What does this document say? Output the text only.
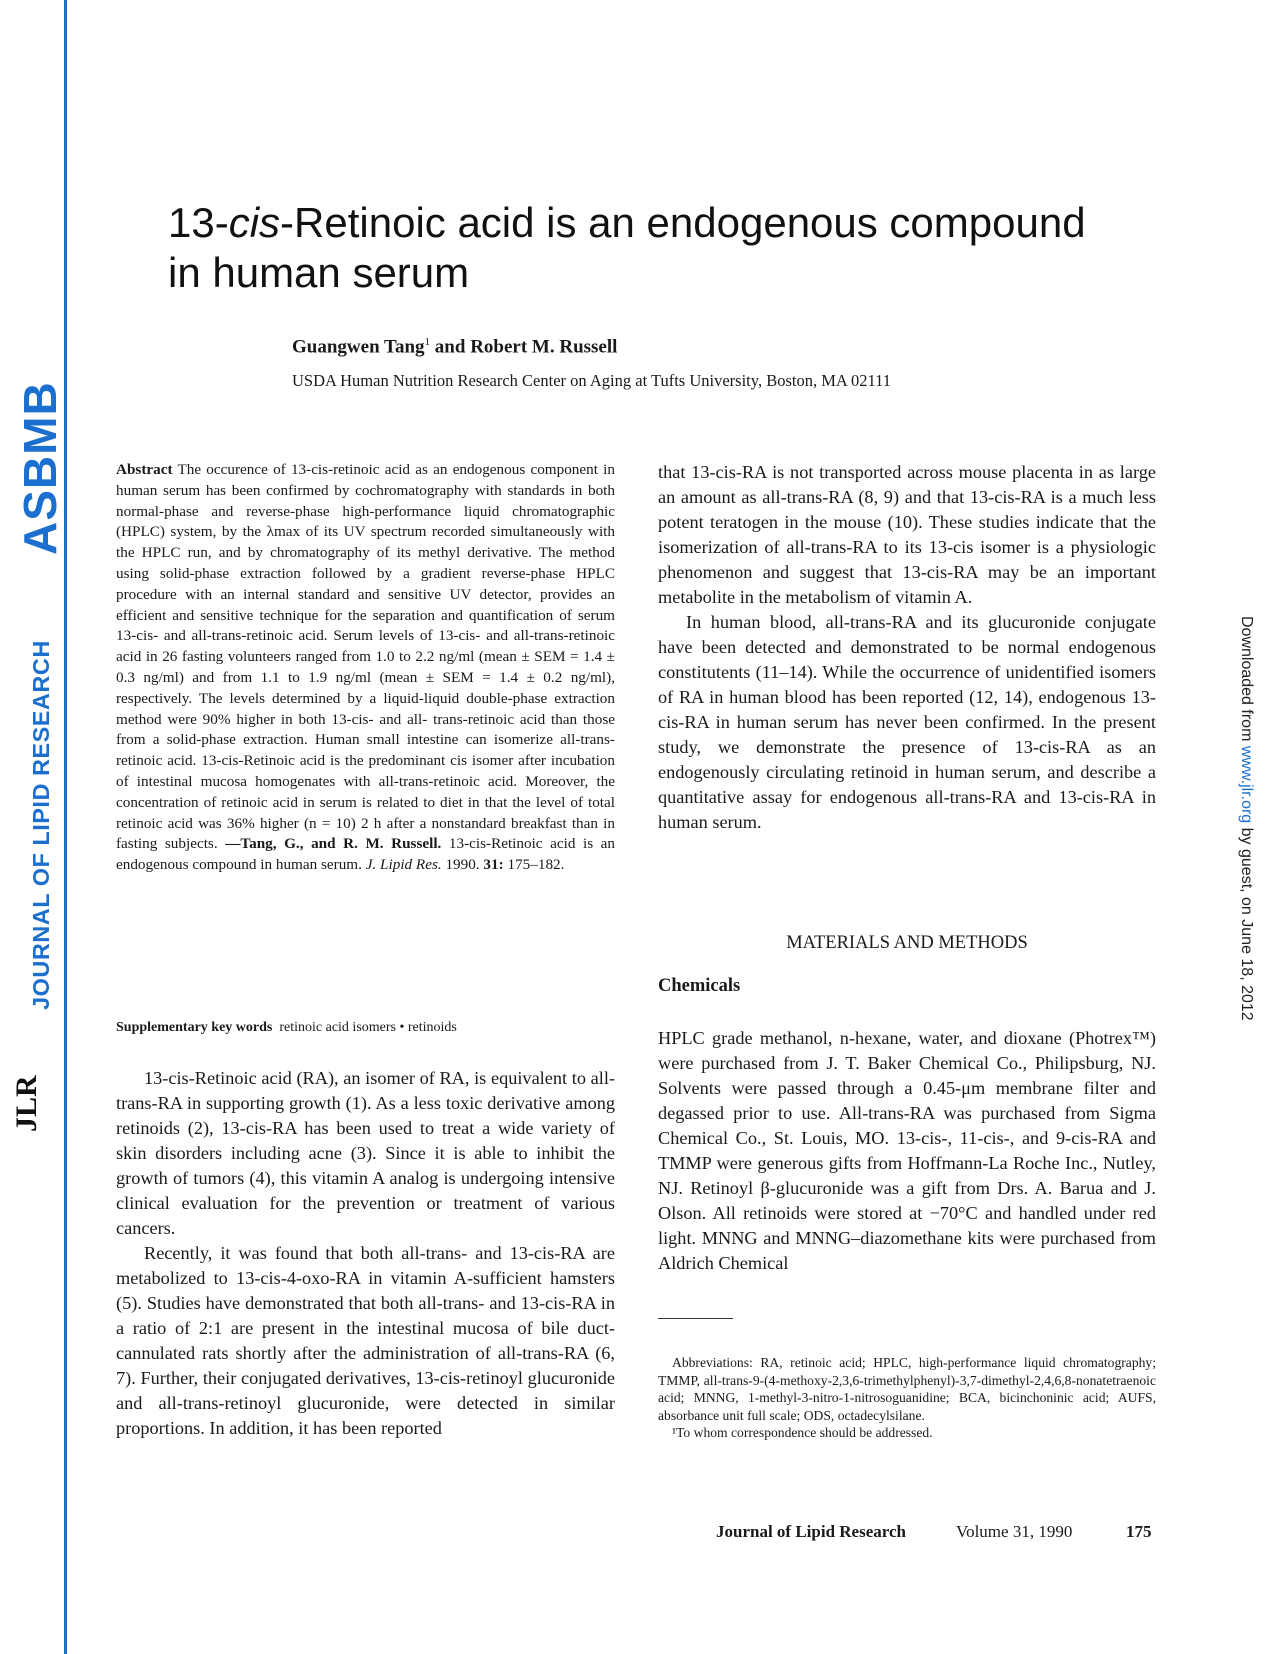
ASBMB
JOURNAL OF LIPID RESEARCH
JLR
Downloaded from www.jlr.org by guest, on June 18, 2012
13-cis-Retinoic acid is an endogenous compound in human serum
Guangwen Tang$^1$ and Robert M. Russell
USDA Human Nutrition Research Center on Aging at Tufts University, Boston, MA 02111
Abstract The occurence of 13-cis-retinoic acid as an endogenous component in human serum has been confirmed by cochromatography with standards in both normal-phase and reverse-phase high-performance liquid chromatographic (HPLC) system, by the λmax of its UV spectrum recorded simultaneously with the HPLC run, and by chromatography of its methyl derivative. The method using solid-phase extraction followed by a gradient reverse-phase HPLC procedure with an internal standard and sensitive UV detector, provides an efficient and sensitive technique for the separation and quantification of serum 13-cis- and all-trans-retinoic acid. Serum levels of 13-cis- and all-trans-retinoic acid in 26 fasting volunteers ranged from 1.0 to 2.2 ng/ml (mean ± SEM = 1.4 ± 0.3 ng/ml) and from 1.1 to 1.9 ng/ml (mean ± SEM = 1.4 ± 0.2 ng/ml), respectively. The levels determined by a liquid-liquid double-phase extraction method were 90% higher in both 13-cis- and all- trans-retinoic acid than those from a solid-phase extraction. Human small intestine can isomerize all-trans-retinoic acid. 13-cis-Retinoic acid is the predominant cis isomer after incubation of intestinal mucosa homogenates with all-trans-retinoic acid. Moreover, the concentration of retinoic acid in serum is related to diet in that the level of total retinoic acid was 36% higher (n = 10) 2 h after a nonstandard breakfast than in fasting subjects. —Tang, G., and R. M. Russell. 13-cis-Retinoic acid is an endogenous compound in human serum. J. Lipid Res. 1990. 31: 175–182.
Supplementary key words retinoic acid isomers • retinoids

13-cis-Retinoic acid (RA), an isomer of RA, is equivalent to all-trans-RA in supporting growth (1). As a less toxic derivative among retinoids (2), 13-cis-RA has been used to treat a wide variety of skin disorders including acne (3). Since it is able to inhibit the growth of tumors (4), this vitamin A analog is undergoing intensive clinical evaluation for the prevention or treatment of various cancers.

Recently, it was found that both all-trans- and 13-cis-RA are metabolized to 13-cis-4-oxo-RA in vitamin A-sufficient hamsters (5). Studies have demonstrated that both all-trans- and 13-cis-RA in a ratio of 2:1 are present in the intestinal mucosa of bile duct-cannulated rats shortly after the administration of all-trans-RA (6, 7). Further, their conjugated derivatives, 13-cis-retinoyl glucuronide and all-trans-retinoyl glucuronide, were detected in similar proportions. In addition, it has been reported

that 13-cis-RA is not transported across mouse placenta in as large an amount as all-trans-RA (8, 9) and that 13-cis-RA is a much less potent teratogen in the mouse (10). These studies indicate that the isomerization of all-trans-RA to its 13-cis isomer is a physiologic phenomenon and suggest that 13-cis-RA may be an important metabolite in the metabolism of vitamin A.

In human blood, all-trans-RA and its glucuronide conjugate have been detected and demonstrated to be normal endogenous constitutents (11–14). While the occurrence of unidentified isomers of RA in human blood has been reported (12, 14), endogenous 13-cis-RA in human serum has never been confirmed. In the present study, we demonstrate the presence of 13-cis-RA as an endogenously circulating retinoid in human serum, and describe a quantitative assay for endogenous all-trans-RA and 13-cis-RA in human serum.

MATERIALS AND METHODS
Chemicals

HPLC grade methanol, n-hexane, water, and dioxane (Photrex™) were purchased from J. T. Baker Chemical Co., Philipsburg, NJ. Solvents were passed through a 0.45-μm membrane filter and degassed prior to use. All-trans-RA was purchased from Sigma Chemical Co., St. Louis, MO. 13-cis-, 11-cis-, and 9-cis-RA and TMMP were generous gifts from Hoffmann-La Roche Inc., Nutley, NJ. Retinoyl β-glucuronide was a gift from Drs. A. Barua and J. Olson. All retinoids were stored at −70°C and handled under red light. MNNG and MNNG–diazomethane kits were purchased from Aldrich Chemical

Abbreviations: RA, retinoic acid; HPLC, high-performance liquid chromatography; TMMP, all-trans-9-(4-methoxy-2,3,6-trimethylphenyl)-3,7-dimethyl-2,4,6,8-nonatetraenoic acid; MNNG, 1-methyl-3-nitro-1-nitrosoguanidine; BCA, bicinchoninic acid; AUFS, absorbance unit full scale; ODS, octadecylsilane.

¹To whom correspondence should be addressed.

Journal of Lipid Research	Volume 31, 1990	175
